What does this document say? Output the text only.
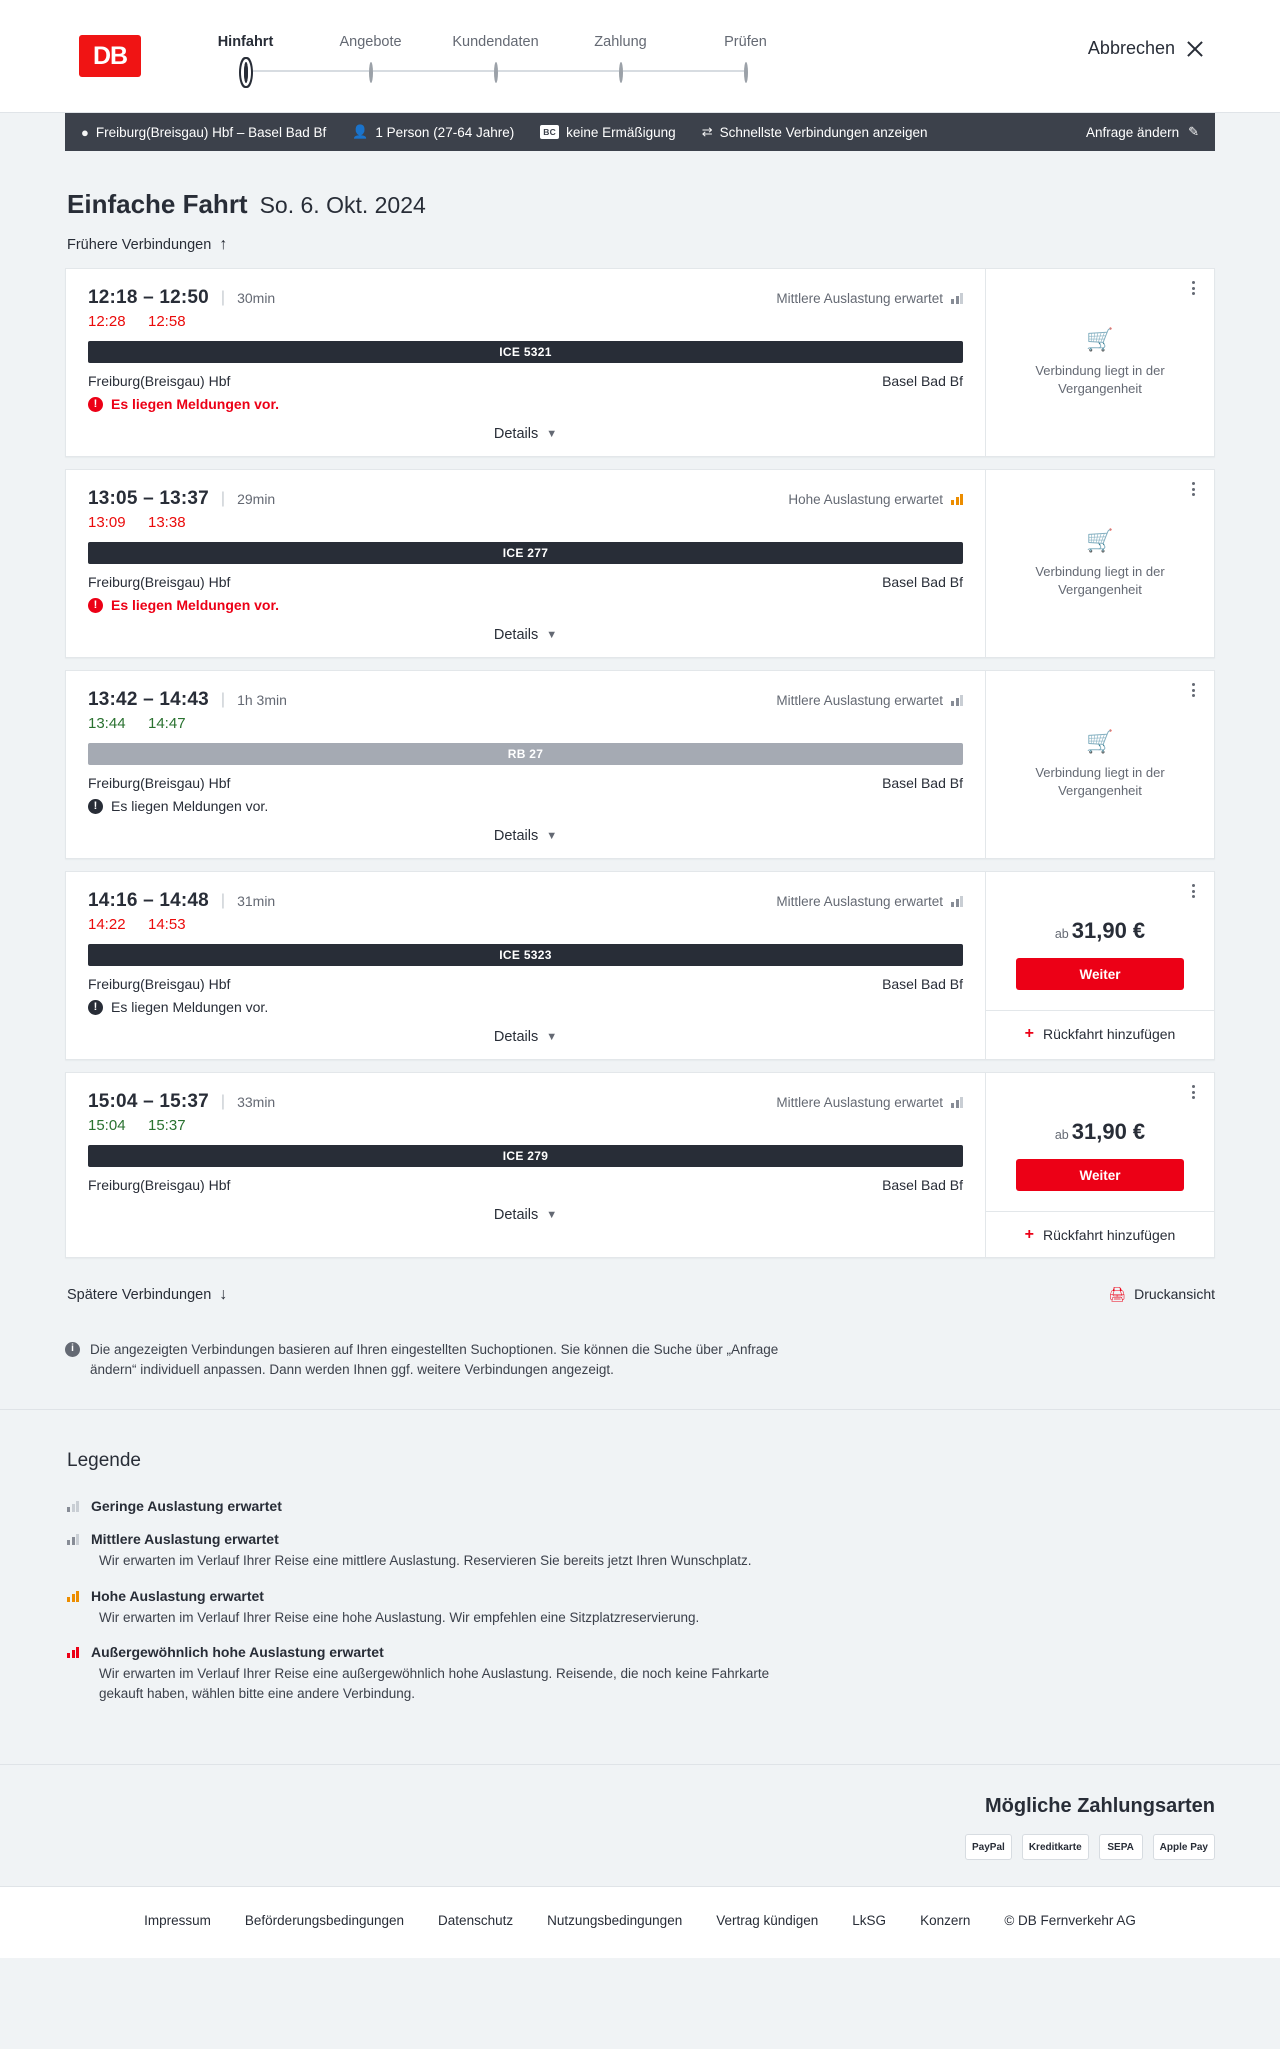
DB	Hinfahrt	Angebote	Kundendaten	Zahlung	Prüfen	Abbrechen
● Freiburg(Breisgau) Hbf – Basel Bad Bf 👤 1 Person (27-64 Jahre)	BC keine Ermäßigung ⇄ Schnellste Verbindungen anzeigen	Anfrage ändern ✎
Einfache Fahrt So. 6. Okt. 2024
Frühere Verbindungen
↑
12:18 – 12:50 | 30min	Mittlere Auslastung erwartet
12:28	12:58
ICE 5321
Freiburg(Breisgau) Hbf	Basel Bad Bf
! Es liegen Meldungen vor.
Details ▼
🛒
Verbindung liegt in der Vergangenheit
13:05 – 13:37 | 29min	Hohe Auslastung erwartet
13:09	13:38
ICE 277
Freiburg(Breisgau) Hbf	Basel Bad Bf
! Es liegen Meldungen vor.
Details ▼
🛒
Verbindung liegt in der Vergangenheit
13:42 – 14:43 | 1h 3min	Mittlere Auslastung erwartet
13:44	14:47
RB 27
Freiburg(Breisgau) Hbf	Basel Bad Bf
! Es liegen Meldungen vor.
Details ▼
🛒
Verbindung liegt in der Vergangenheit
14:16 – 14:48 | 31min	Mittlere Auslastung erwartet
14:22	14:53
ICE 5323
Freiburg(Breisgau) Hbf	Basel Bad Bf
! Es liegen Meldungen vor.
Details ▼
ab 31,90 €
Weiter
+ Rückfahrt hinzufügen
15:04 – 15:37 | 33min	Mittlere Auslastung erwartet
15:04	15:37
ICE 279
Freiburg(Breisgau) Hbf	Basel Bad Bf
Details ▼
ab 31,90 €
Weiter
+ Rückfahrt hinzufügen
Spätere Verbindungen ↓	🖨 Druckansicht
i	Die angezeigten Verbindungen basieren auf Ihren eingestellten Suchoptionen. Sie können die Suche über „Anfrage ändern“ individuell anpassen. Dann werden Ihnen ggf. weitere Verbindungen angezeigt.
Legende
Geringe Auslastung erwartet
Mittlere Auslastung erwartet
Wir erwarten im Verlauf Ihrer Reise eine mittlere Auslastung. Reservieren Sie bereits jetzt Ihren Wunschplatz.
Hohe Auslastung erwartet
Wir erwarten im Verlauf Ihrer Reise eine hohe Auslastung. Wir empfehlen eine Sitzplatzreservierung.
Außergewöhnlich hohe Auslastung erwartet
Wir erwarten im Verlauf Ihrer Reise eine außergewöhnlich hohe Auslastung. Reisende, die noch keine Fahrkarte gekauft haben, wählen bitte eine andere Verbindung.
Mögliche Zahlungsarten
PayPal	Kreditkarte	SEPA	Apple Pay
Impressum	Beförderungsbedingungen	Datenschutz	Nutzungsbedingungen	Vertrag kündigen	LkSG	Konzern	© DB Fernverkehr AG
